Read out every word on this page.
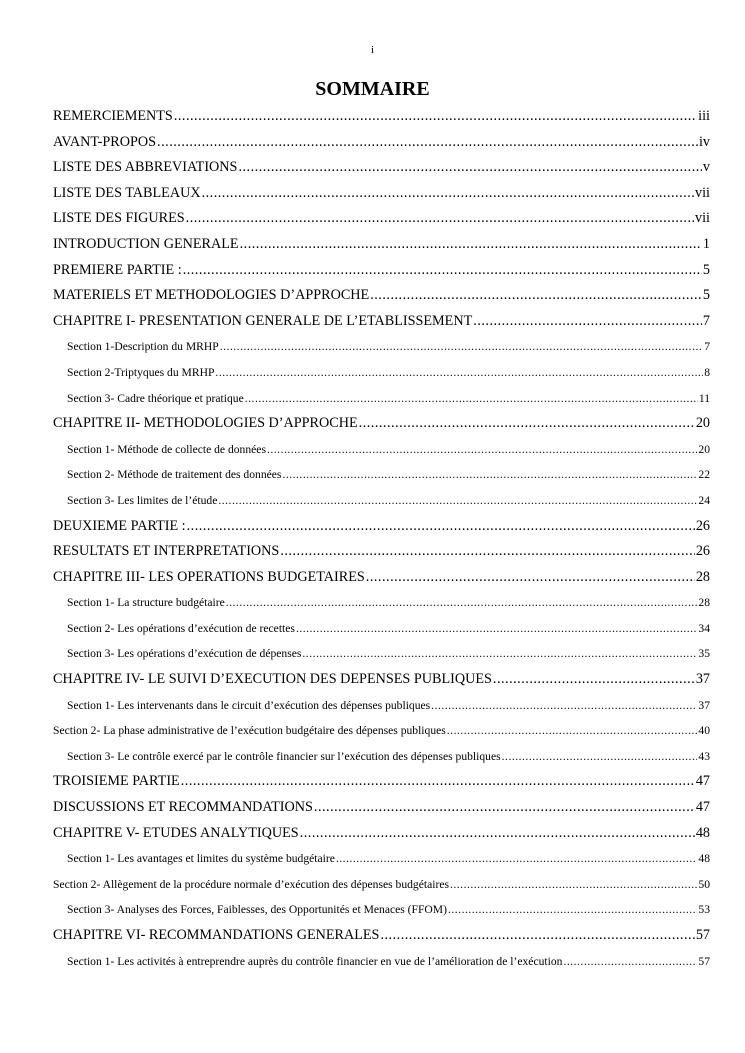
i
SOMMAIRE
REMERCIEMENTS .....	iii
AVANT-PROPOS .....	iv
LISTE DES ABBREVIATIONS .....	v
LISTE DES TABLEAUX .....	vii
LISTE DES FIGURES .....	vii
INTRODUCTION GENERALE .....	1
PREMIERE PARTIE : .....	5
MATERIELS ET METHODOLOGIES D’APPROCHE .....	5
CHAPITRE I- PRESENTATION GENERALE DE L’ETABLISSEMENT .....	7
Section 1-Description du MRHP .....	7
Section 2-Triptyques du MRHP .....	8
Section 3- Cadre théorique et pratique .....	11
CHAPITRE II- METHODOLOGIES D’APPROCHE .....	20
Section 1- Méthode de collecte de données .....	20
Section 2- Méthode de traitement des données .....	22
Section 3- Les limites de l’étude .....	24
DEUXIEME PARTIE : .....	26
RESULTATS ET INTERPRETATIONS .....	26
CHAPITRE III- LES OPERATIONS BUDGETAIRES .....	28
Section 1- La structure budgétaire .....	28
Section 2- Les opérations d’exécution de recettes .....	34
Section 3- Les opérations d’exécution de dépenses .....	35
CHAPITRE IV- LE SUIVI D’EXECUTION DES DEPENSES PUBLIQUES .....	37
Section 1- Les intervenants dans le circuit d’exécution des dépenses publiques .....	37
Section 2- La phase administrative de l’exécution budgétaire des dépenses publiques .....	40
Section 3- Le contrôle exercé par le contrôle financier sur l’exécution des dépenses publiques .....	43
TROISIEME PARTIE .....	47
DISCUSSIONS ET RECOMMANDATIONS .....	47
CHAPITRE V- ETUDES ANALYTIQUES .....	48
Section 1- Les avantages et limites du système budgétaire .....	48
Section 2- Allègement de la procédure normale d’exécution des dépenses budgétaires .....	50
Section 3- Analyses des Forces, Faiblesses, des Opportunités et Menaces (FFOM) .....	53
CHAPITRE VI- RECOMMANDATIONS GENERALES .....	57
Section 1- Les activités à entreprendre auprès du contrôle financier en vue de l’amélioration de l’exécution .....	57
